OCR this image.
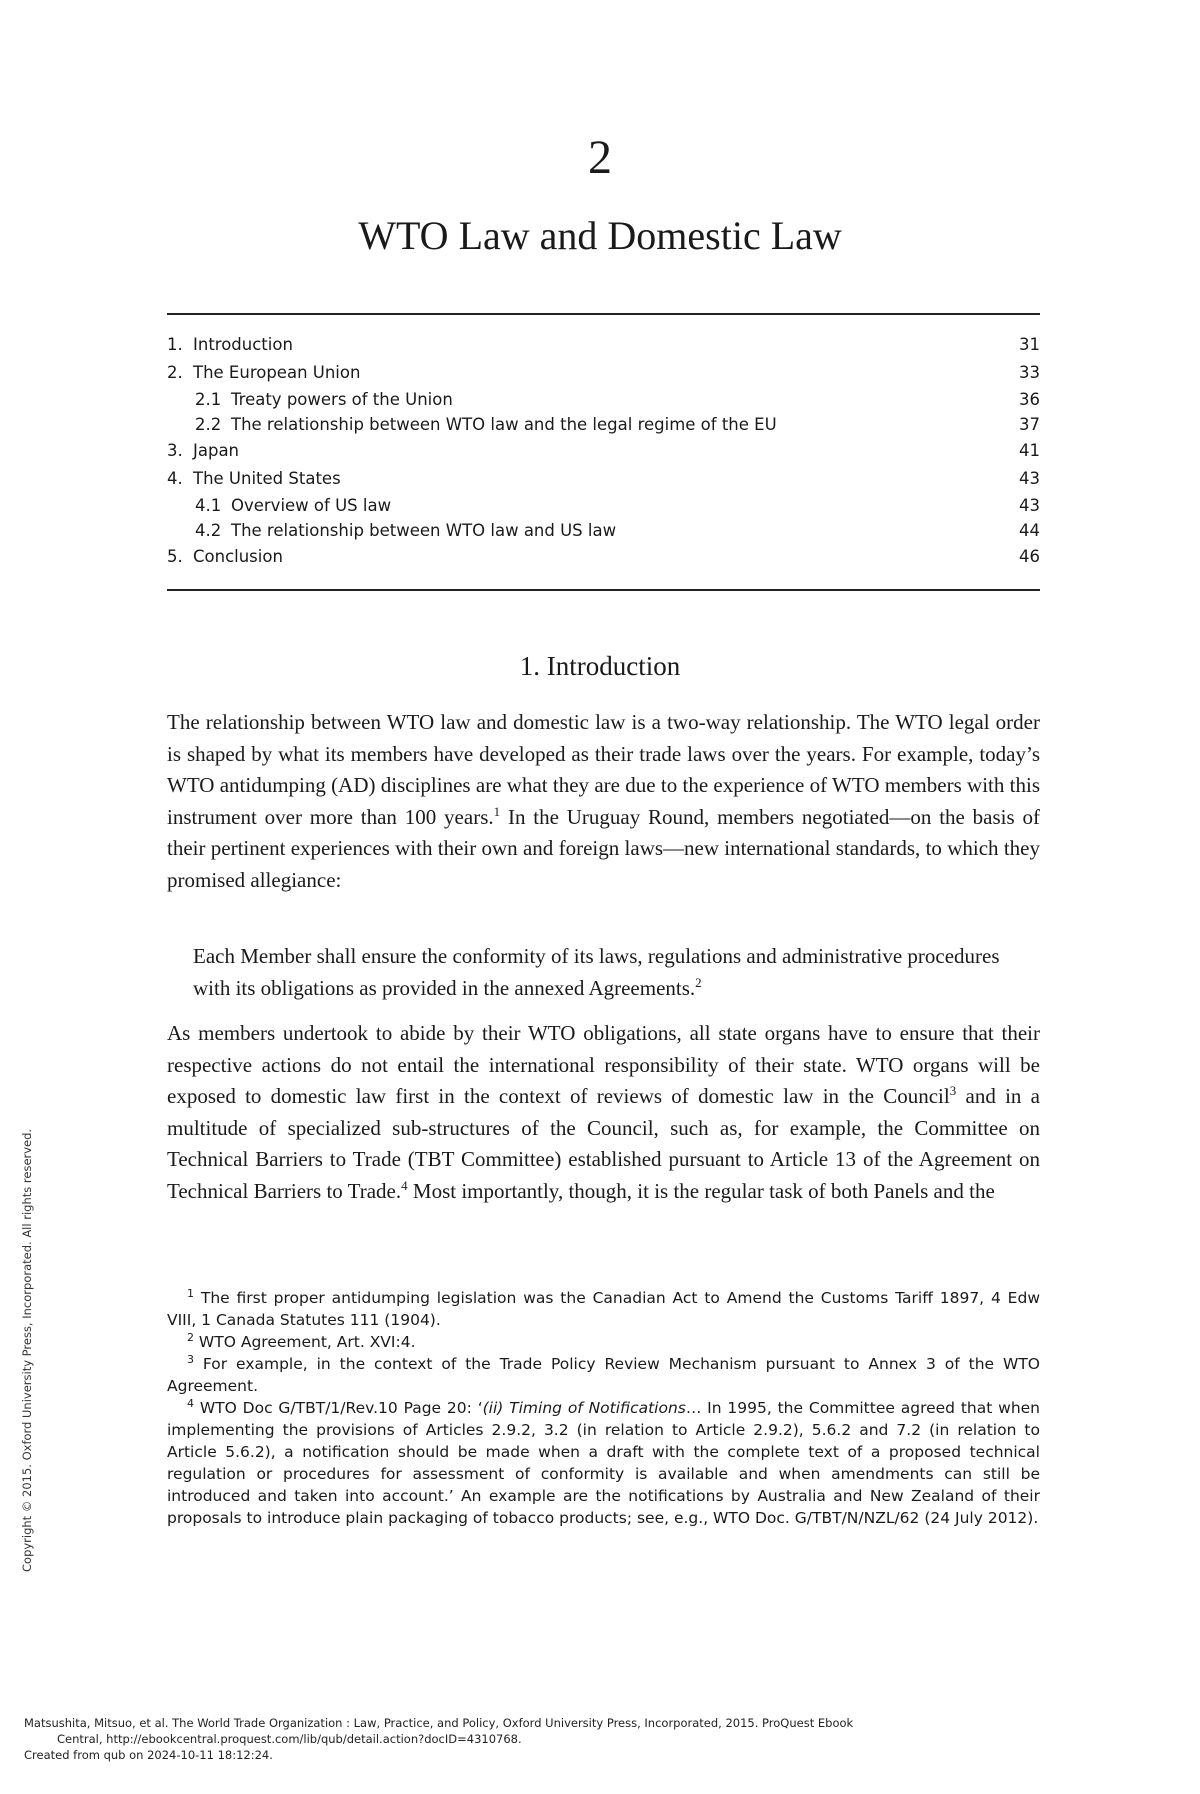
2
WTO Law and Domestic Law
1. Introduction	31
2. The European Union	33
2.1 Treaty powers of the Union	36
2.2 The relationship between WTO law and the legal regime of the EU	37
3. Japan	41
4. The United States	43
4.1 Overview of US law	43
4.2 The relationship between WTO law and US law	44
5. Conclusion	46
1. Introduction

The relationship between WTO law and domestic law is a two-way relationship. The WTO legal order is shaped by what its members have developed as their trade laws over the years. For example, today’s WTO antidumping (AD) disciplines are what they are due to the experience of WTO members with this instrument over more than 100 years.$^1$ In the Uruguay Round, members negotiated—on the basis of their pertinent experiences with their own and foreign laws—new international standards, to which they promised allegiance:

Each Member shall ensure the conformity of its laws, regulations and administrative procedures with its obligations as provided in the annexed Agreements.$^2$

As members undertook to abide by their WTO obligations, all state organs have to ensure that their respective actions do not entail the international responsibility of their state. WTO organs will be exposed to domestic law first in the context of reviews of domestic law in the Council$^3$ and in a multitude of specialized sub-structures of the Council, such as, for example, the Committee on Technical Barriers to Trade (TBT Committee) established pursuant to Article 13 of the Agreement on Technical Barriers to Trade.$^4$ Most importantly, though, it is the regular task of both Panels and the

$^1$ The first proper antidumping legislation was the Canadian Act to Amend the Customs Tariff 1897, 4 Edw VIII, 1 Canada Statutes 111 (1904).

$^2$ WTO Agreement, Art. XVI:4.

$^3$ For example, in the context of the Trade Policy Review Mechanism pursuant to Annex 3 of the WTO Agreement.

$^4$ WTO Doc G/TBT/1/Rev.10 Page 20: ‘(ii) Timing of Notifications… In 1995, the Committee agreed that when implementing the provisions of Articles 2.9.2, 3.2 (in relation to Article 2.9.2), 5.6.2 and 7.2 (in relation to Article 5.6.2), a notification should be made when a draft with the complete text of a proposed technical regulation or procedures for assessment of conformity is available and when amendments can still be introduced and taken into account.’ An example are the notifications by Australia and New Zealand of their proposals to introduce plain packaging of tobacco products; see, e.g., WTO Doc. G/TBT/N/NZL/62 (24 July 2012).

Copyright © 2015. Oxford University Press, Incorporated. All rights reserved.
Matsushita, Mitsuo, et al. The World Trade Organization : Law, Practice, and Policy, Oxford University Press, Incorporated, 2015. ProQuest Ebook

Central, http://ebookcentral.proquest.com/lib/qub/detail.action?docID=4310768.
Created from qub on 2024-10-11 18:12:24.
